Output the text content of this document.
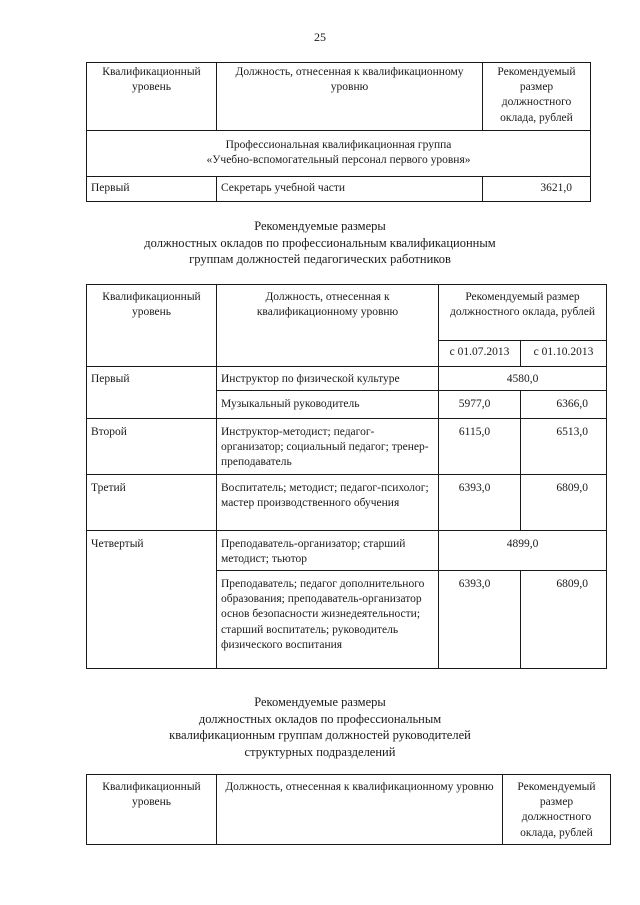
25
Квалификационный уровень	Должность, отнесенная к квалификационному уровню	Рекомендуемый размер должностного оклада, рублей

Профессиональная квалификационная группа
«Учебно-вспомогательный персонал первого уровня»		

Первый	Секретарь учебной части	3621,0
Рекомендуемые размеры
должностных окладов по профессиональным квалификационным
группам должностей педагогических работников
Квалификационный уровень	Должность, отнесенная к квалификационному уровню	Рекомендуемый размер должностного оклада, рублей	
		с 01.07.2013	с 01.10.2013
Первый	Инструктор по физической культуре	4580,0	
	Музыкальный руководитель	5977,0	6366,0
Второй	Инструктор-методист; педагог-организатор; социальный педагог; тренер-преподаватель	6115,0	6513,0
Третий	Воспитатель; методист; педагог-психолог; мастер производственного обучения	6393,0	6809,0
Четвертый	Преподаватель-организатор; старший методист; тьютор	4899,0	
	Преподаватель; педагог дополнительного образования; преподаватель-организатор основ безопасности жизнедеятельности; старший воспитатель; руководитель физического воспитания	6393,0	6809,0
Рекомендуемые размеры
должностных окладов по профессиональным
квалификационным группам должностей руководителей
структурных подразделений
Квалификационный уровень	Должность, отнесенная к квалификационному уровню	Рекомендуемый размер должностного оклада, рублей
